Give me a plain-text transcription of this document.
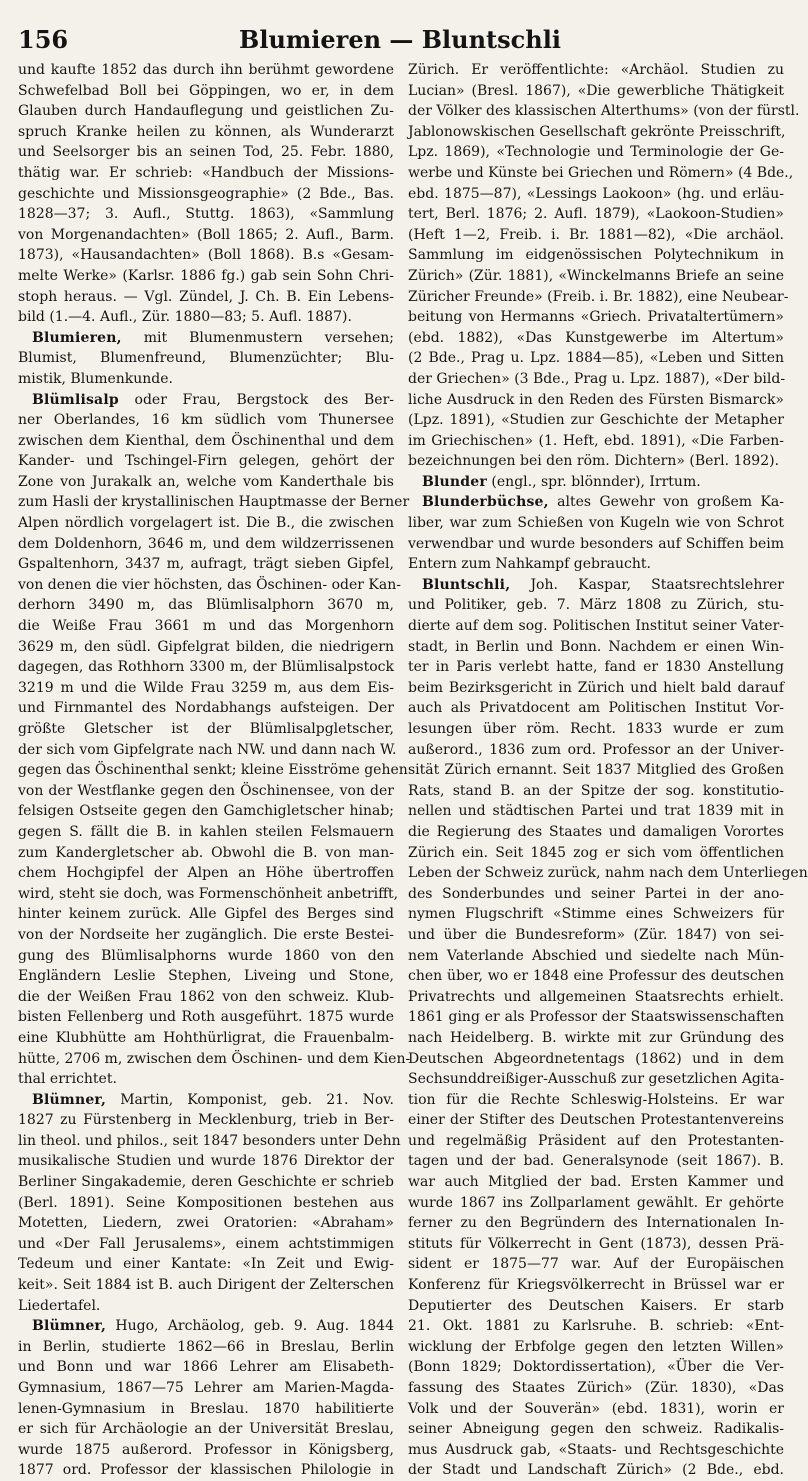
156	Blumieren — Bluntschli
und kaufte 1852 das durch ihn berühmt gewordene
Schwefelbad Boll bei Göppingen, wo er, in dem
Glauben durch Handauflegung und geistlichen Zu-
spruch Kranke heilen zu können, als Wunderarzt
und Seelsorger bis an seinen Tod, 25. Febr. 1880,
thätig war. Er schrieb: «Handbuch der Missions-
geschichte und Missionsgeographie» (2 Bde., Bas.
1828—37; 3. Aufl., Stuttg. 1863), «Sammlung
von Morgenandachten» (Boll 1865; 2. Aufl., Barm.
1873), «Hausandachten» (Boll 1868). B.s «Gesam-
melte Werke» (Karlsr. 1886 fg.) gab sein Sohn Chri-
stoph heraus. — Vgl. Zündel, J. Ch. B. Ein Lebens-
bild (1.—4. Aufl., Zür. 1880—83; 5. Aufl. 1887).
Blumieren, mit Blumenmustern versehen;
Blumist, Blumenfreund, Blumenzüchter; Blu-
mistik, Blumenkunde.
Blümlisalp oder Frau, Bergstock des Ber-
ner Oberlandes, 16 km südlich vom Thunersee
zwischen dem Kienthal, dem Öschinenthal und dem
Kander- und Tschingel-Firn gelegen, gehört der
Zone von Jurakalk an, welche vom Kanderthale bis
zum Hasli der krystallinischen Hauptmasse der Berner
Alpen nördlich vorgelagert ist. Die B., die zwischen
dem Doldenhorn, 3646 m, und dem wildzerrissenen
Gspaltenhorn, 3437 m, aufragt, trägt sieben Gipfel,
von denen die vier höchsten, das Öschinen- oder Kan-
derhorn 3490 m, das Blümlisalphorn 3670 m,
die Weiße Frau 3661 m und das Morgenhorn
3629 m, den südl. Gipfelgrat bilden, die niedrigern
dagegen, das Rothhorn 3300 m, der Blümlisalpstock
3219 m und die Wilde Frau 3259 m, aus dem Eis-
und Firnmantel des Nordabhangs aufsteigen. Der
größte Gletscher ist der Blümlisalpgletscher,
der sich vom Gipfelgrate nach NW. und dann nach W.
gegen das Öschinenthal senkt; kleine Eisströme gehen
von der Westflanke gegen den Öschinensee, von der
felsigen Ostseite gegen den Gamchigletscher hinab;
gegen S. fällt die B. in kahlen steilen Felsmauern
zum Kandergletscher ab. Obwohl die B. von man-
chem Hochgipfel der Alpen an Höhe übertroffen
wird, steht sie doch, was Formenschönheit anbetrifft,
hinter keinem zurück. Alle Gipfel des Berges sind
von der Nordseite her zugänglich. Die erste Bestei-
gung des Blümlisalphorns wurde 1860 von den
Engländern Leslie Stephen, Liveing und Stone,
die der Weißen Frau 1862 von den schweiz. Klub-
bisten Fellenberg und Roth ausgeführt. 1875 wurde
eine Klubhütte am Hohthürligrat, die Frauenbalm-
hütte, 2706 m, zwischen dem Öschinen- und dem Kien-
thal errichtet.
Blümner, Martin, Komponist, geb. 21. Nov.
1827 zu Fürstenberg in Mecklenburg, trieb in Ber-
lin theol. und philos., seit 1847 besonders unter Dehn
musikalische Studien und wurde 1876 Direktor der
Berliner Singakademie, deren Geschichte er schrieb
(Berl. 1891). Seine Kompositionen bestehen aus
Motetten, Liedern, zwei Oratorien: «Abraham»
und «Der Fall Jerusalems», einem achtstimmigen
Tedeum und einer Kantate: «In Zeit und Ewig-
keit». Seit 1884 ist B. auch Dirigent der Zelterschen
Liedertafel.
Blümner, Hugo, Archäolog, geb. 9. Aug. 1844
in Berlin, studierte 1862—66 in Breslau, Berlin
und Bonn und war 1866 Lehrer am Elisabeth-
Gymnasium, 1867—75 Lehrer am Marien-Magda-
lenen-Gymnasium in Breslau. 1870 habilitierte
er sich für Archäologie an der Universität Breslau,
wurde 1875 außerord. Professor in Königsberg,
1877 ord. Professor der klassischen Philologie in
Zürich. Er veröffentlichte: «Archäol. Studien zu
Lucian» (Bresl. 1867), «Die gewerbliche Thätigkeit
der Völker des klassischen Alterthums» (von der fürstl.
Jablonowskischen Gesellschaft gekrönte Preisschrift,
Lpz. 1869), «Technologie und Terminologie der Ge-
werbe und Künste bei Griechen und Römern» (4 Bde.,
ebd. 1875—87), «Lessings Laokoon» (hg. und erläu-
tert, Berl. 1876; 2. Aufl. 1879), «Laokoon-Studien»
(Heft 1—2, Freib. i. Br. 1881—82), «Die archäol.
Sammlung im eidgenössischen Polytechnikum in
Zürich» (Zür. 1881), «Winckelmanns Briefe an seine
Züricher Freunde» (Freib. i. Br. 1882), eine Neubear-
beitung von Hermanns «Griech. Privataltertümern»
(ebd. 1882), «Das Kunstgewerbe im Altertum»
(2 Bde., Prag u. Lpz. 1884—85), «Leben und Sitten
der Griechen» (3 Bde., Prag u. Lpz. 1887), «Der bild-
liche Ausdruck in den Reden des Fürsten Bismarck»
(Lpz. 1891), «Studien zur Geschichte der Metapher
im Griechischen» (1. Heft, ebd. 1891), «Die Farben-
bezeichnungen bei den röm. Dichtern» (Berl. 1892).
Blunder (engl., spr. blönnder), Irrtum.
Blunderbüchse, altes Gewehr von großem Ka-
liber, war zum Schießen von Kugeln wie von Schrot
verwendbar und wurde besonders auf Schiffen beim
Entern zum Nahkampf gebraucht.
Bluntschli, Joh. Kaspar, Staatsrechtslehrer
und Politiker, geb. 7. März 1808 zu Zürich, stu-
dierte auf dem sog. Politischen Institut seiner Vater-
stadt, in Berlin und Bonn. Nachdem er einen Win-
ter in Paris verlebt hatte, fand er 1830 Anstellung
beim Bezirksgericht in Zürich und hielt bald darauf
auch als Privatdocent am Politischen Institut Vor-
lesungen über röm. Recht. 1833 wurde er zum
außerord., 1836 zum ord. Professor an der Univer-
sität Zürich ernannt. Seit 1837 Mitglied des Großen
Rats, stand B. an der Spitze der sog. konstitutio-
nellen und städtischen Partei und trat 1839 mit in
die Regierung des Staates und damaligen Vorortes
Zürich ein. Seit 1845 zog er sich vom öffentlichen
Leben der Schweiz zurück, nahm nach dem Unterliegen
des Sonderbundes und seiner Partei in der ano-
nymen Flugschrift «Stimme eines Schweizers für
und über die Bundesreform» (Zür. 1847) von sei-
nem Vaterlande Abschied und siedelte nach Mün-
chen über, wo er 1848 eine Professur des deutschen
Privatrechts und allgemeinen Staatsrechts erhielt.
1861 ging er als Professor der Staatswissenschaften
nach Heidelberg. B. wirkte mit zur Gründung des
Deutschen Abgeordnetentags (1862) und in dem
Sechsunddreißiger-Ausschuß zur gesetzlichen Agita-
tion für die Rechte Schleswig-Holsteins. Er war
einer der Stifter des Deutschen Protestantenvereins
und regelmäßig Präsident auf den Protestanten-
tagen und der bad. Generalsynode (seit 1867). B.
war auch Mitglied der bad. Ersten Kammer und
wurde 1867 ins Zollparlament gewählt. Er gehörte
ferner zu den Begründern des Internationalen In-
stituts für Völkerrecht in Gent (1873), dessen Prä-
sident er 1875—77 war. Auf der Europäischen
Konferenz für Kriegsvölkerrecht in Brüssel war er
Deputierter des Deutschen Kaisers. Er starb
21. Okt. 1881 zu Karlsruhe. B. schrieb: «Ent-
wicklung der Erbfolge gegen den letzten Willen»
(Bonn 1829; Doktordissertation), «Über die Ver-
fassung des Staates Zürich» (Zür. 1830), «Das
Volk und der Souverän» (ebd. 1831), worin er
seiner Abneigung gegen den schweiz. Radikalis-
mus Ausdruck gab, «Staats- und Rechtsgeschichte
der Stadt und Landschaft Zürich» (2 Bde., ebd.
